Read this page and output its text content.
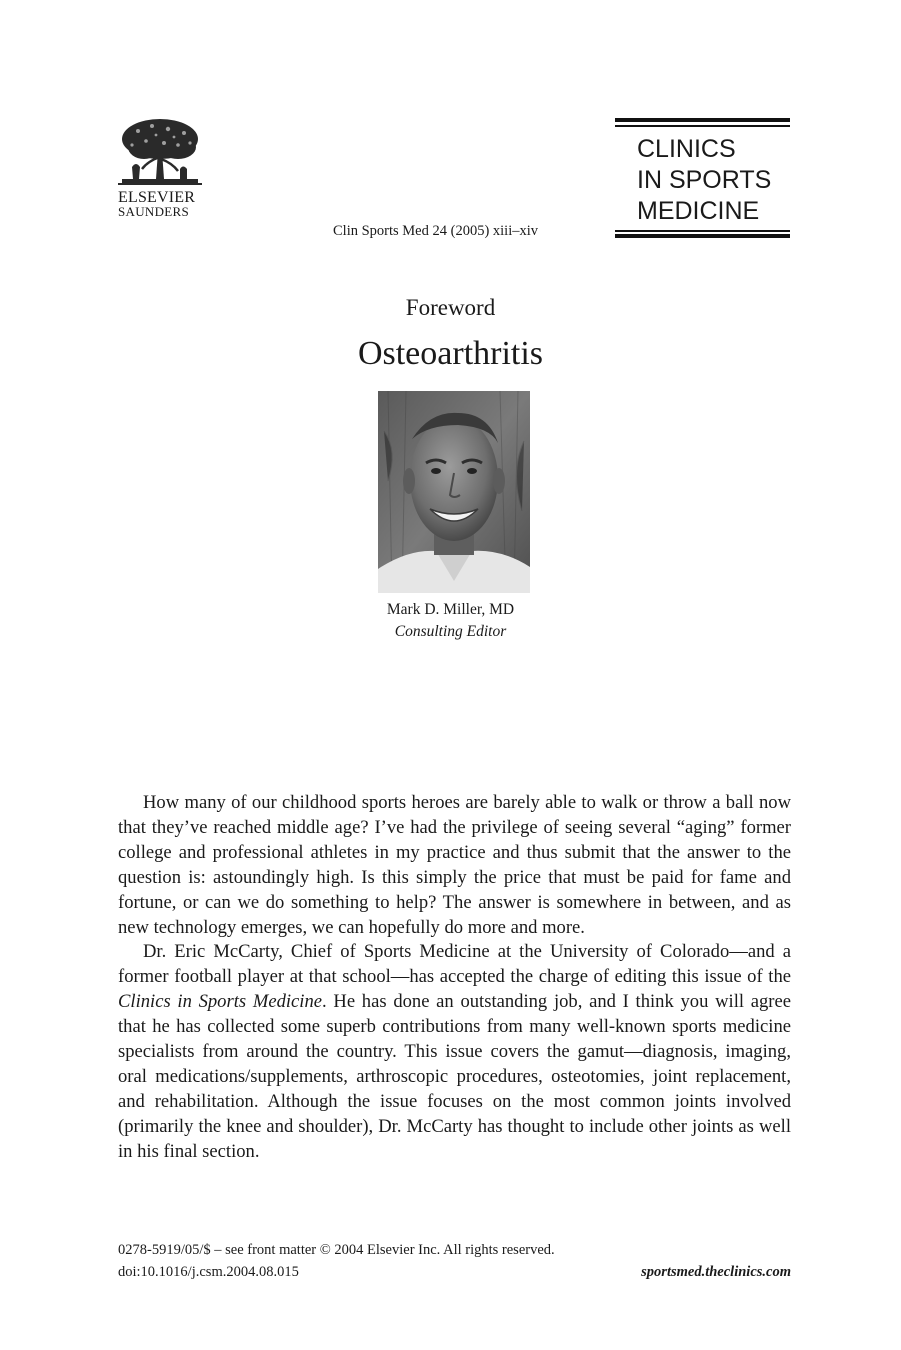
ELSEVIER
SAUNDERS
CLINICS
IN SPORTS
MEDICINE
Clin Sports Med 24 (2005) xiii–xiv
Foreword
Osteoarthritis
Mark D. Miller, MD
Consulting Editor

How many of our childhood sports heroes are barely able to walk or throw a ball now that they’ve reached middle age? I’ve had the privilege of seeing several “aging” former college and professional athletes in my practice and thus submit that the answer to the question is: astoundingly high. Is this simply the price that must be paid for fame and fortune, or can we do something to help? The answer is somewhere in between, and as new technology emerges, we can hopefully do more and more.

Dr. Eric McCarty, Chief of Sports Medicine at the University of Colorado—and a former football player at that school—has accepted the charge of editing this issue of the Clinics in Sports Medicine. He has done an outstanding job, and I think you will agree that he has collected some superb contributions from many well-known sports medicine specialists from around the country. This issue covers the gamut—diagnosis, imaging, oral medications/supplements, arthroscopic procedures, osteotomies, joint replacement, and rehabilitation. Although the issue focuses on the most common joints involved (primarily the knee and shoulder), Dr. McCarty has thought to include other joints as well in his final section.

0278-5919/05/$ – see front matter © 2004 Elsevier Inc. All rights reserved.
doi:10.1016/j.csm.2004.08.015	sportsmed.theclinics.com
